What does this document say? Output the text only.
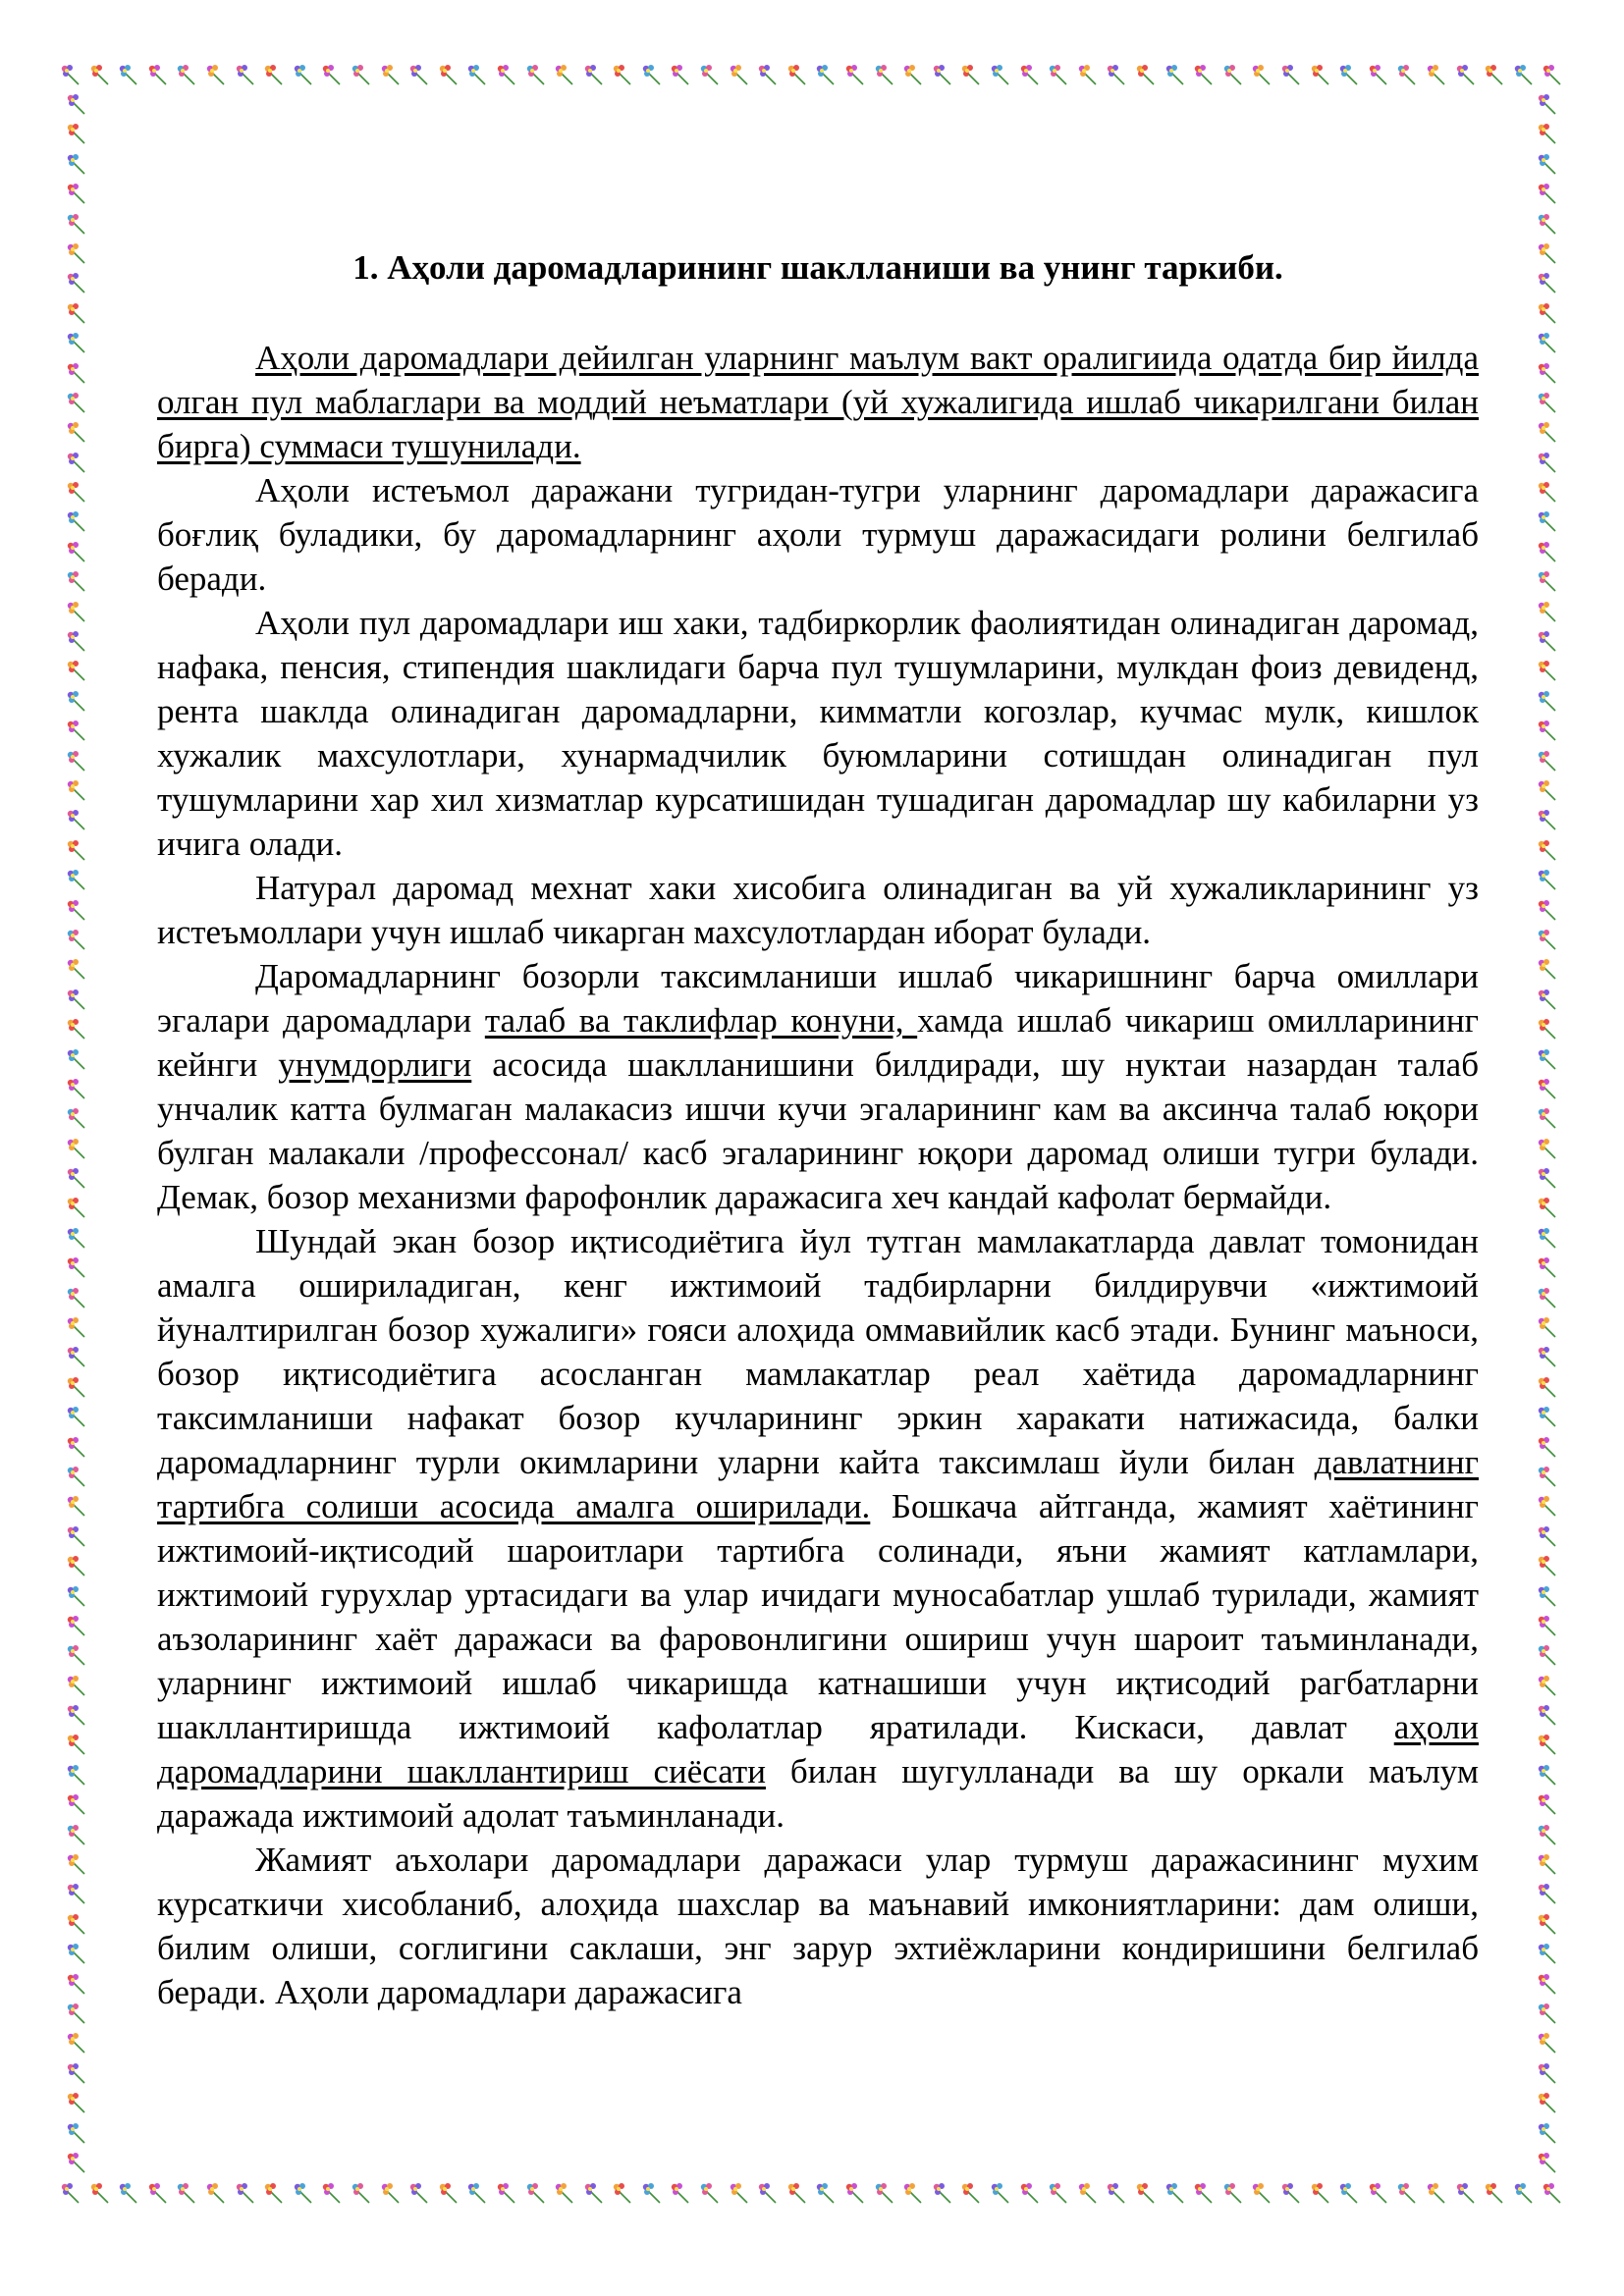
1. Аҳоли даромадларининг шаклланиши ва унинг таркиби.

Аҳоли даромадлари дейилган уларнинг маълум вакт оралигиида одатда бир йилда олган пул маблаглари ва моддий неъматлари (уй хужалигида ишлаб чикарилгани билан бирга) суммаси тушунилади.

Аҳоли истеъмол даражани тугридан-тугри уларнинг даромадлари даражасига боғлиқ буладики, бу даромадларнинг аҳоли турмуш даражасидаги ролини белгилаб беради.

Аҳоли пул даромадлари иш хаки, тадбиркорлик фаолиятидан олинадиган даромад, нафака, пенсия, стипендия шаклидаги барча пул тушумларини, мулкдан фоиз девиденд, рента шаклда олинадиган даромадларни, кимматли когозлар, кучмас мулк, кишлок хужалик махсулотлари, хунармадчилик буюмларини сотишдан олинадиган пул тушумларини хар хил хизматлар курсатишидан тушадиган даромадлар шу кабиларни уз ичига олади.

Натурал даромад мехнат хаки хисобига олинадиган ва уй хужаликларининг уз истеъмоллари учун ишлаб чикарган махсулотлардан иборат булади.

Даромадларнинг бозорли таксимланиши ишлаб чикаришнинг барча омиллари эгалари даромадлари талаб ва таклифлар конуни, хамда ишлаб чикариш омилларининг кейнги унумдорлиги асосида шаклланишини билдиради, шу нуктаи назардан талаб унчалик катта булмаган малакасиз ишчи кучи эгаларининг кам ва аксинча талаб юқори булган малакали /профессонал/ касб эгаларининг юқори даромад олиши тугри булади. Демак, бозор механизми фарофонлик даражасига хеч кандай кафолат бермайди.

Шундай экан бозор иқтисодиётига йул тутган мамлакатларда давлат томонидан амалга ошириладиган, кенг ижтимоий тадбирларни билдирувчи «ижтимоий йуналтирилган бозор хужалиги» гояси алоҳида оммавийлик касб этади. Бунинг маъноси, бозор иқтисодиётига асосланган мамлакатлар реал хаётида даромадларнинг таксимланиши нафакат бозор кучларининг эркин харакати натижасида, балки даромадларнинг турли окимларини уларни кайта таксимлаш йули билан давлатнинг тартибга солиши асосида амалга оширилади. Бошкача айтганда, жамият хаётининг ижтимоий-иқтисодий шароитлари тартибга солинади, яъни жамият катламлари, ижтимоий гурухлар уртасидаги ва улар ичидаги муносабатлар ушлаб турилади, жамият аъзоларининг хаёт даражаси ва фаровонлигини ошириш учун шароит таъминланади, уларнинг ижтимоий ишлаб чикаришда катнашиши учун иқтисодий рагбатларни шакллантиришда ижтимоий кафолатлар яратилади. Кискаси, давлат аҳоли даромадларини шакллантириш сиёсати билан шугулланади ва шу оркали маълум даражада ижтимоий адолат таъминланади.

Жамият аъхолари даромадлари даражаси улар турмуш даражасининг мухим курсаткичи хисобланиб, алоҳида шахслар ва маънавий имкониятларини: дам олиши, билим олиши, соглигини саклаши, энг зарур эхтиёжларини кондиришини белгилаб беради. Аҳоли даромадлари даражасига
